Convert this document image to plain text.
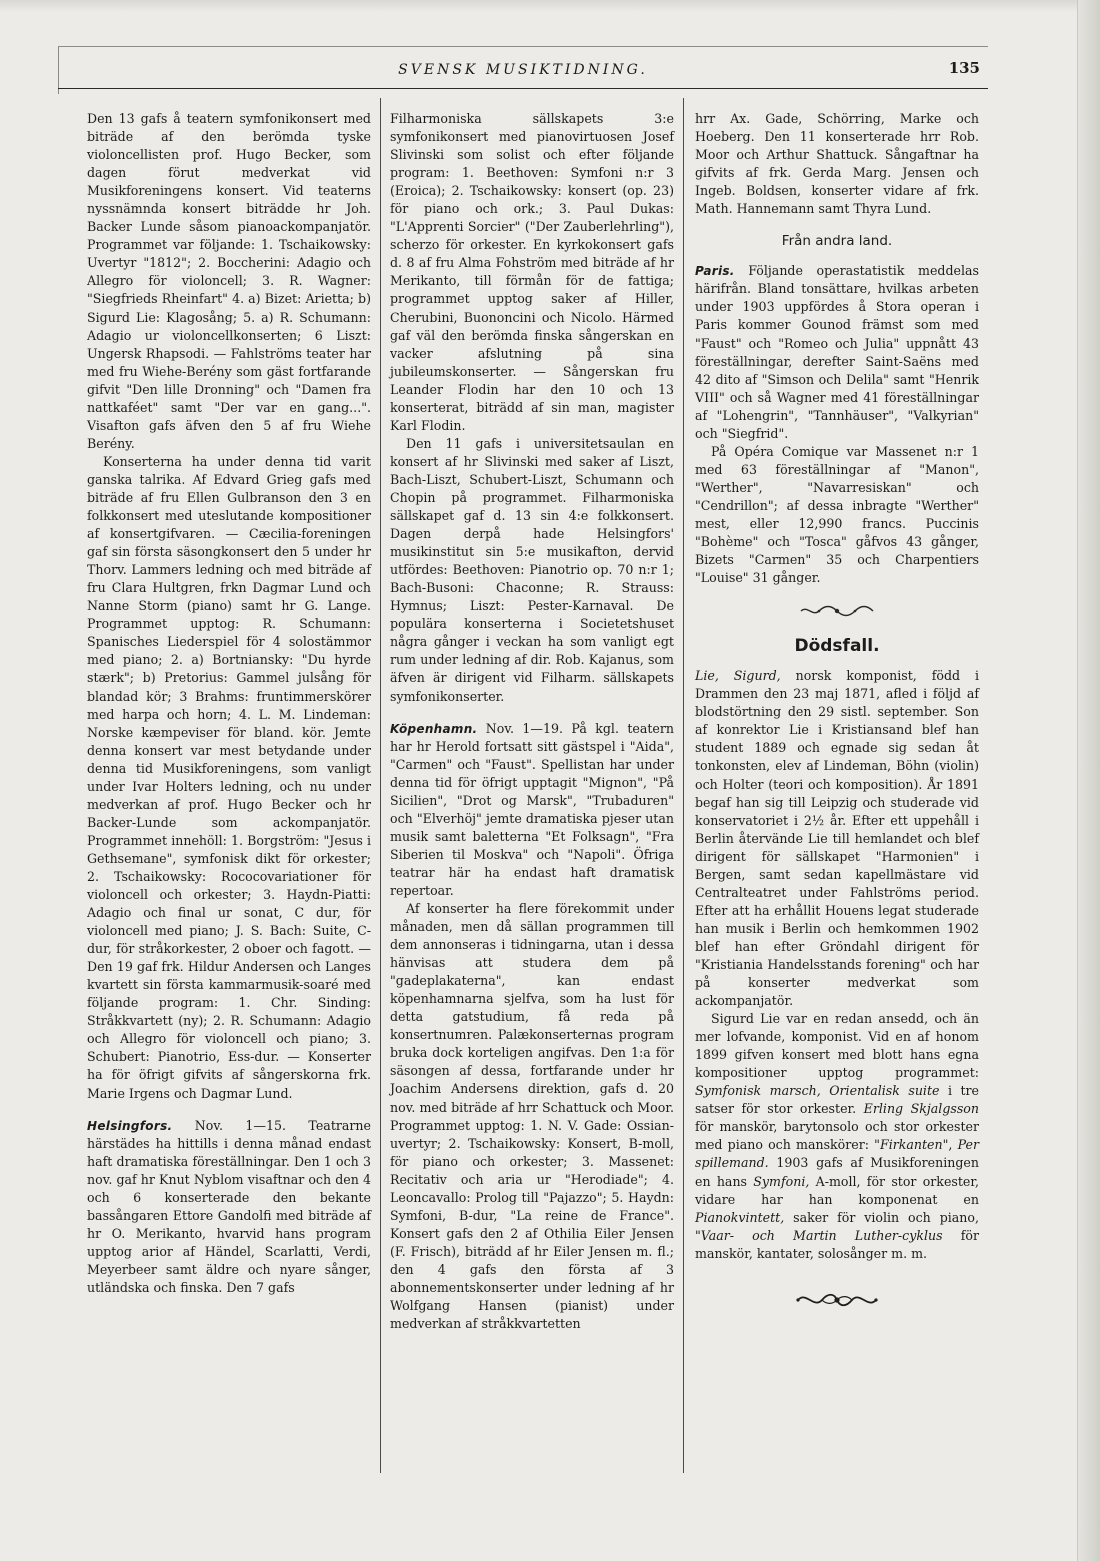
SVENSK MUSIKTIDNING.	135

Den 13 gafs å teatern symfonikonsert med biträde af den berömda tyske violoncellisten prof. Hugo Becker, som dagen förut medverkat vid Musikforeningens konsert. Vid teaterns nyssnämnda konsert biträdde hr Joh. Backer Lunde såsom pianoackompanjatör. Programmet var följande: 1. Tschaikowsky: Uvertyr "1812"; 2. Boccherini: Adagio och Allegro för violoncell; 3. R. Wagner: "Siegfrieds Rheinfart" 4. a) Bizet: Arietta; b) Sigurd Lie: Klagosång; 5. a) R. Schumann: Adagio ur violoncellkonserten; 6 Liszt: Ungersk Rhapsodi. — Fahlströms teater har med fru Wiehe-Berény som gäst fortfarande gifvit "Den lille Dronning" och "Damen fra nattkaféet" samt "Der var en gang...". Visafton gafs äfven den 5 af fru Wiehe Berény.

Konserterna ha under denna tid varit ganska talrika. Af Edvard Grieg gafs med biträde af fru Ellen Gulbranson den 3 en folkkonsert med uteslutande kompositioner af konsertgifvaren. — Cæcilia-foreningen gaf sin första säsongkonsert den 5 under hr Thorv. Lammers ledning och med biträde af fru Clara Hultgren, frkn Dagmar Lund och Nanne Storm (piano) samt hr G. Lange. Programmet upptog: R. Schumann: Spanisches Liederspiel för 4 solostämmor med piano; 2. a) Bortniansky: "Du hyrde stærk"; b) Pretorius: Gammel julsång för blandad kör; 3 Brahms: fruntimmerskörer med harpa och horn; 4. L. M. Lindeman: Norske kæmpeviser för bland. kör. Jemte denna konsert var mest betydande under denna tid Musikforeningens, som vanligt under Ivar Holters ledning, och nu under medverkan af prof. Hugo Becker och hr Backer-Lunde som ackompanjatör. Programmet innehöll: 1. Borgström: "Jesus i Gethsemane", symfonisk dikt för orkester; 2. Tschaikowsky: Rococovariationer för violoncell och orkester; 3. Haydn-Piatti: Adagio och final ur sonat, C dur, för violoncell med piano; J. S. Bach: Suite, C-dur, för stråkorkester, 2 oboer och fagott. — Den 19 gaf frk. Hildur Andersen och Langes kvartett sin första kammarmusik-soaré med följande program: 1. Chr. Sinding: Stråkkvartett (ny); 2. R. Schumann: Adagio och Allegro för violoncell och piano; 3. Schubert: Pianotrio, Ess-dur. — Konserter ha för öfrigt gifvits af sångerskorna frk. Marie Irgens och Dagmar Lund.

Helsingfors. Nov. 1—15. Teatrarne härstädes ha hittills i denna månad endast haft dramatiska föreställningar. Den 1 och 3 nov. gaf hr Knut Nyblom visaftnar och den 4 och 6 konserterade den bekante bassångaren Ettore Gandolfi med biträde af hr O. Merikanto, hvarvid hans program upptog arior af Händel, Scarlatti, Verdi, Meyerbeer samt äldre och nyare sånger, utländska och finska. Den 7 gafs

Filharmoniska sällskapets 3:e symfonikonsert med pianovirtuosen Josef Slivinski som solist och efter följande program: 1. Beethoven: Symfoni n:r 3 (Eroica); 2. Tschaikowsky: konsert (op. 23) för piano och ork.; 3. Paul Dukas: "L'Apprenti Sorcier" ("Der Zauberlehrling"), scherzo för orkester. En kyrkokonsert gafs d. 8 af fru Alma Fohström med biträde af hr Merikanto, till förmån för de fattiga; programmet upptog saker af Hiller, Cherubini, Buononcini och Nicolo. Härmed gaf väl den berömda finska sångerskan en vacker afslutning på sina jubileumskonserter. — Sångerskan fru Leander Flodin har den 10 och 13 konserterat, biträdd af sin man, magister Karl Flodin.

Den 11 gafs i universitetsaulan en konsert af hr Slivinski med saker af Liszt, Bach-Liszt, Schubert-Liszt, Schumann och Chopin på programmet. Filharmoniska sällskapet gaf d. 13 sin 4:e folkkonsert. Dagen derpå hade Helsingfors' musikinstitut sin 5:e musikafton, dervid utfördes: Beethoven: Pianotrio op. 70 n:r 1; Bach-Busoni: Chaconne; R. Strauss: Hymnus; Liszt: Pester-Karnaval. De populära konserterna i Societetshuset några gånger i veckan ha som vanligt egt rum under ledning af dir. Rob. Kajanus, som äfven är dirigent vid Filharm. sällskapets symfonikonserter.

Köpenhamn. Nov. 1—19. På kgl. teatern har hr Herold fortsatt sitt gästspel i "Aida", "Carmen" och "Faust". Spellistan har under denna tid för öfrigt upptagit "Mignon", "På Sicilien", "Drot og Marsk", "Trubaduren" och "Elverhöj" jemte dramatiska pjeser utan musik samt baletterna "Et Folksagn", "Fra Siberien til Moskva" och "Napoli". Öfriga teatrar här ha endast haft dramatisk repertoar.

Af konserter ha flere förekommit under månaden, men då sällan programmen till dem annonseras i tidningarna, utan i dessa hänvisas att studera dem på "gadeplakaterna", kan endast köpenhamnarna sjelfva, som ha lust för detta gatstudium, få reda på konsertnumren. Palækonserternas program bruka dock korteligen angifvas. Den 1:a för säsongen af dessa, fortfarande under hr Joachim Andersens direktion, gafs d. 20 nov. med biträde af hrr Schattuck och Moor. Programmet upptog: 1. N. V. Gade: Ossian-uvertyr; 2. Tschaikowsky: Konsert, B-moll, för piano och orkester; 3. Massenet: Recitativ och aria ur "Herodiade"; 4. Leoncavallo: Prolog till "Pajazzo"; 5. Haydn: Symfoni, B-dur, "La reine de France". Konsert gafs den 2 af Othilia Eiler Jensen (F. Frisch), biträdd af hr Eiler Jensen m. fl.; den 4 gafs den första af 3 abonnementskonserter under ledning af hr Wolfgang Hansen (pianist) under medverkan af stråkkvartetten

hrr Ax. Gade, Schörring, Marke och Hoeberg. Den 11 konserterade hrr Rob. Moor och Arthur Shattuck. Sångaftnar ha gifvits af frk. Gerda Marg. Jensen och Ingeb. Boldsen, konserter vidare af frk. Math. Hannemann samt Thyra Lund.

Från andra land.

Paris. Följande operastatistik meddelas härifrån. Bland tonsättare, hvilkas arbeten under 1903 uppfördes å Stora operan i Paris kommer Gounod främst som med "Faust" och "Romeo och Julia" uppnått 43 föreställningar, derefter Saint-Saëns med 42 dito af "Simson och Delila" samt "Henrik VIII" och så Wagner med 41 föreställningar af "Lohengrin", "Tannhäuser", "Valkyrian" och "Siegfrid".

På Opéra Comique var Massenet n:r 1 med 63 föreställningar af "Manon", "Werther", "Navarresiskan" och "Cendrillon"; af dessa inbragte "Werther" mest, eller 12,990 francs. Puccinis "Bohème" och "Tosca" gåfvos 43 gånger, Bizets "Carmen" 35 och Charpentiers "Louise" 31 gånger.

Dödsfall.

Lie, Sigurd, norsk komponist, född i Drammen den 23 maj 1871, afled i följd af blodstörtning den 29 sistl. september. Son af konrektor Lie i Kristiansand blef han student 1889 och egnade sig sedan åt tonkonsten, elev af Lindeman, Böhn (violin) och Holter (teori och komposition). År 1891 begaf han sig till Leipzig och studerade vid konservatoriet i 2½ år. Efter ett uppehåll i Berlin återvände Lie till hemlandet och blef dirigent för sällskapet "Harmonien" i Bergen, samt sedan kapellmästare vid Centralteatret under Fahlströms period. Efter att ha erhållit Houens legat studerade han musik i Berlin och hemkommen 1902 blef han efter Gröndahl dirigent för "Kristiania Handelsstands forening" och har på konserter medverkat som ackompanjatör.

Sigurd Lie var en redan ansedd, och än mer lofvande, komponist. Vid en af honom 1899 gifven konsert med blott hans egna kompositioner upptog programmet: Symfonisk marsch, Orientalisk suite i tre satser för stor orkester. Erling Skjalgsson för manskör, barytonsolo och stor orkester med piano och manskörer: "Firkanten", Per spillemand. 1903 gafs af Musikforeningen en hans Symfoni, A-moll, för stor orkester, vidare har han komponenat en Pianokvintett, saker för violin och piano, "Vaar- och Martin Luther-cyklus för manskör, kantater, solosånger m. m.
